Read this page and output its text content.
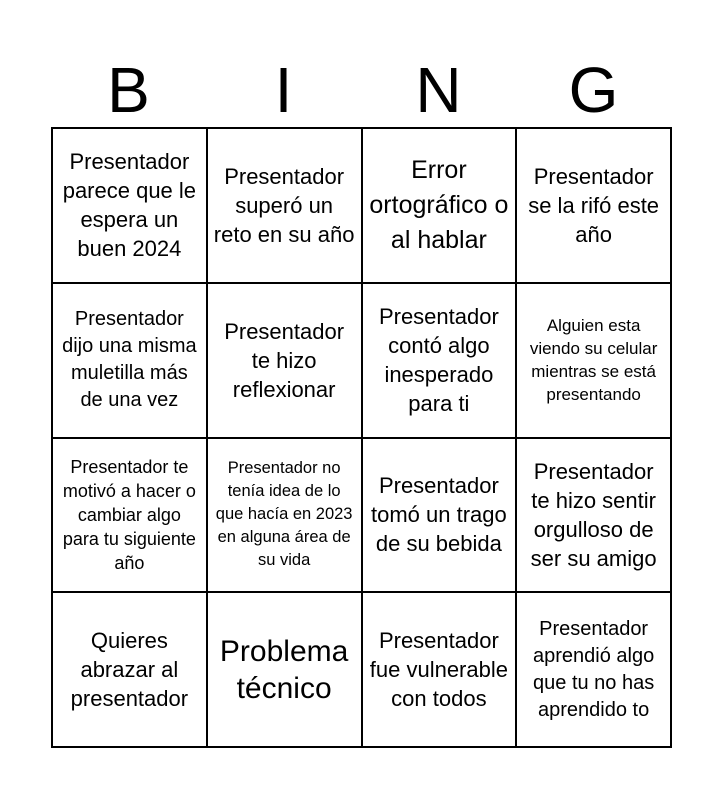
B	I	N	G
Presentador parece que le espera un buen 2024
Presentador superó un reto en su año
Error ortográfico o al hablar
Presentador se la rifó este año
Presentador dijo una misma muletilla más de una vez
Presentador te hizo reflexionar
Presentador contó algo inesperado para ti
Alguien esta viendo su celular mientras se está presentando
Presentador te motivó a hacer o cambiar algo para tu siguiente año
Presentador no tenía idea de lo que hacía en 2023 en alguna área de su vida
Presentador tomó un trago de su bebida
Presentador te hizo sentir orgulloso de ser su amigo
Quieres abrazar al presentador
Problema técnico
Presentador fue vulnerable con todos
Presentador aprendió algo que tu no has aprendido to
